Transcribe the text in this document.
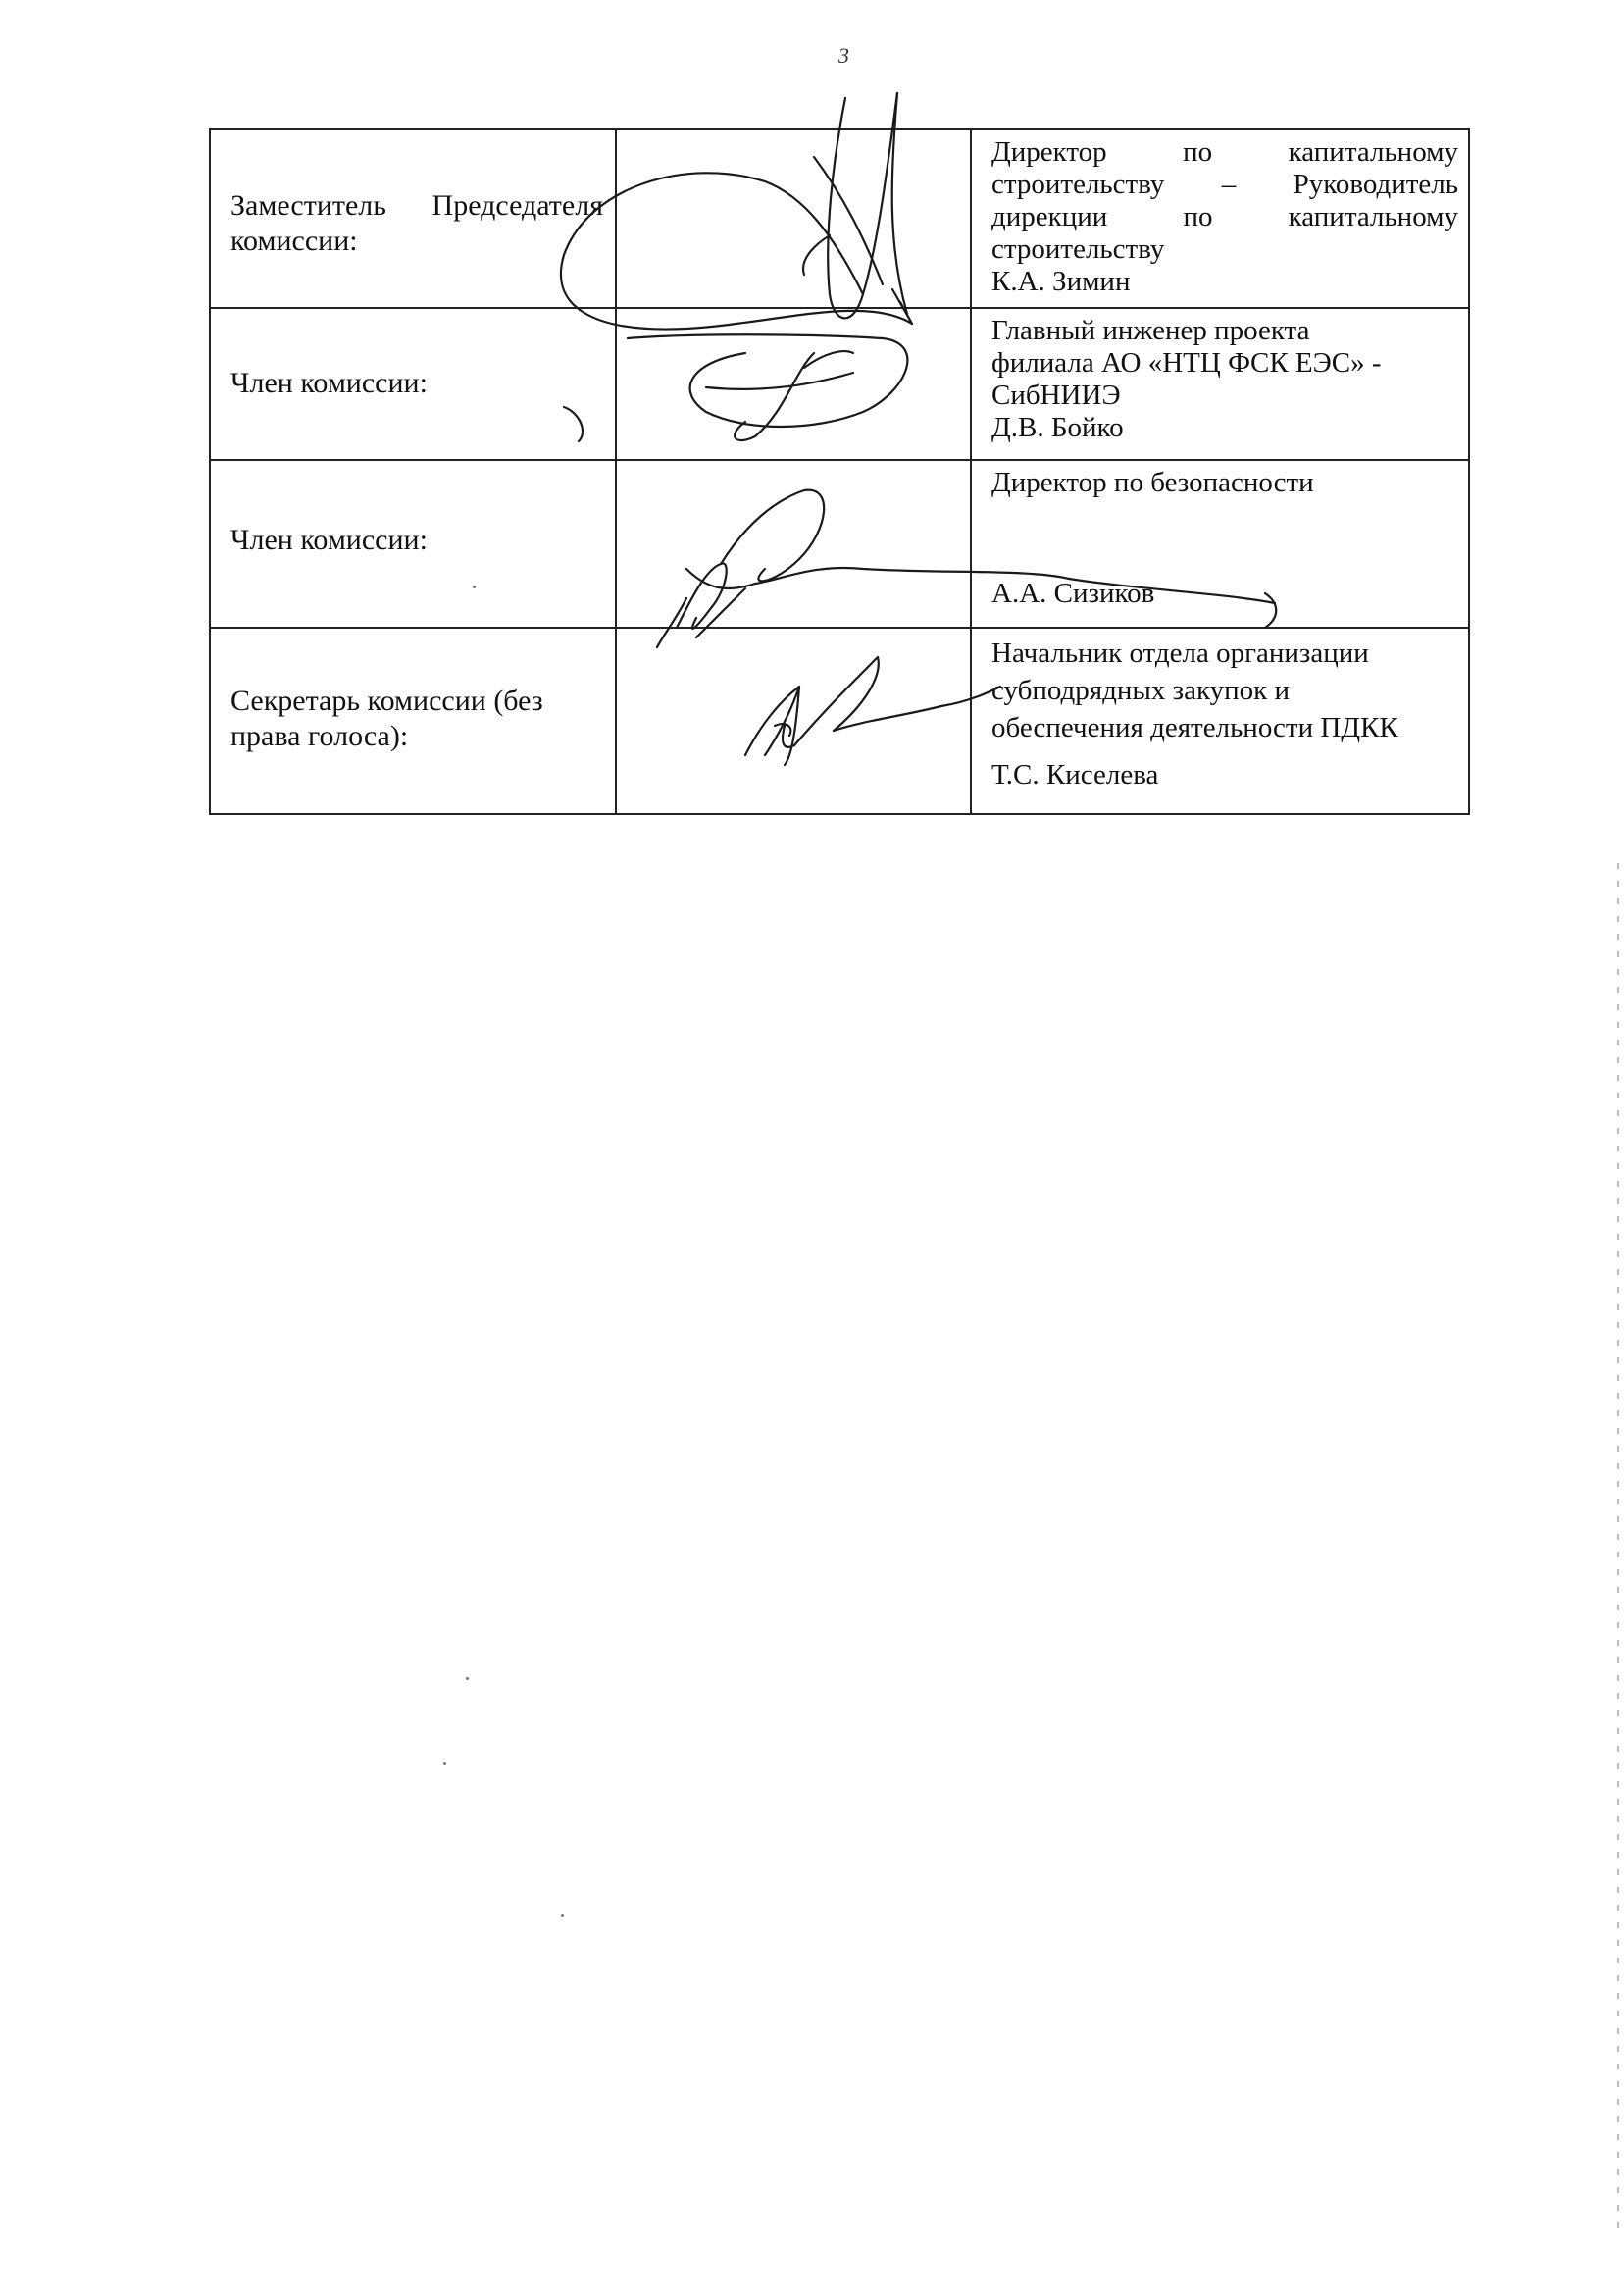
3
Заместитель Председателя
комиссии:		Директор по капитальному
строительству – Руководитель
дирекции по капитальному
строительству
К.А. Зимин

Член комиссии:		Главный инженер проекта
филиала АО «НТЦ ФСК ЕЭС» -
СибНИИЭ
Д.В. Бойко

Член комиссии:		Директор по безопасности
А.А. Сизиков

Секретарь комиссии (без
права голоса):		Начальник отдела организации
субподрядных закупок и
обеспечения деятельности ПДКК
Т.С. Киселева
